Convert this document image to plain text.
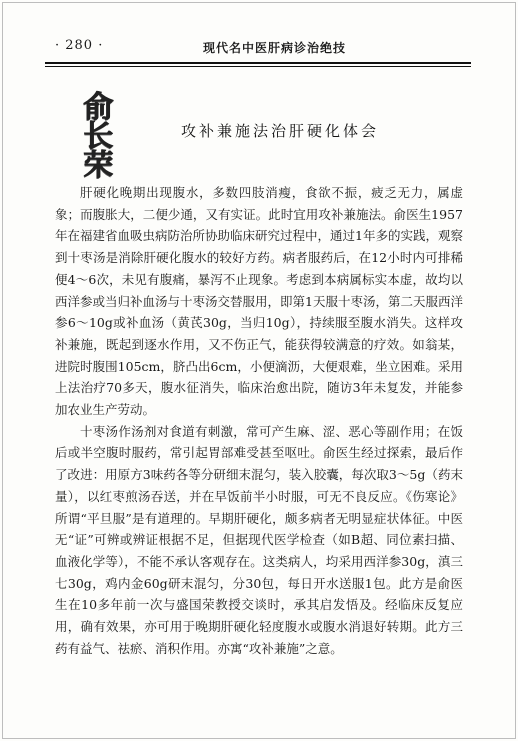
· 280 ·	现代名中医肝病诊治绝技
俞
长
荣
攻补兼施法治肝硬化体会

肝硬化晚期出现腹水，多数四肢消瘦，食欲不振，疲乏无力，属虚象；而腹胀大，二便少通，又有实证。此时宜用攻补兼施法。俞医生1957年在福建省血吸虫病防治所协助临床研究过程中，通过1年多的实践，观察到十枣汤是消除肝硬化腹水的较好方药。病者服药后，在12小时内可排稀便4～6次，未见有腹痛，暴泻不止现象。考虑到本病属标实本虚，故均以西洋参或当归补血汤与十枣汤交替服用，即第1天服十枣汤，第二天服西洋参6～10g或补血汤（黄芪30g，当归10g），持续服至腹水消失。这样攻补兼施，既起到逐水作用，又不伤正气，能获得较满意的疗效。如翁某，进院时腹围105cm，脐凸出6cm，小便滴沥，大便艰难，坐立困难。采用上法治疗70多天，腹水征消失，临床治愈出院，随访3年未复发，并能参加农业生产劳动。

十枣汤作汤剂对食道有刺激，常可产生麻、涩、恶心等副作用；在饭后或半空腹时服药，常引起胃部难受甚至呕吐。俞医生经过探索，最后作了改进：用原方3味药各等分研细末混匀，装入胶囊，每次取3～5g（药末量），以红枣煎汤吞送，并在早饭前半小时服，可无不良反应。《伤寒论》所谓“平旦服”是有道理的。早期肝硬化，颇多病者无明显症状体征。中医无“证”可辨或辨证根据不足，但据现代医学检查（如B超、同位素扫描、血液化学等），不能不承认客观存在。这类病人，均采用西洋参30g，滇三七30g，鸡内金60g研末混匀，分30包，每日开水送服1包。此方是俞医生在10多年前一次与盛国荣教授交谈时，承其启发悟及。经临床反复应用，确有效果，亦可用于晚期肝硬化轻度腹水或腹水消退好转期。此方三药有益气、祛瘀、消积作用。亦寓“攻补兼施”之意。
